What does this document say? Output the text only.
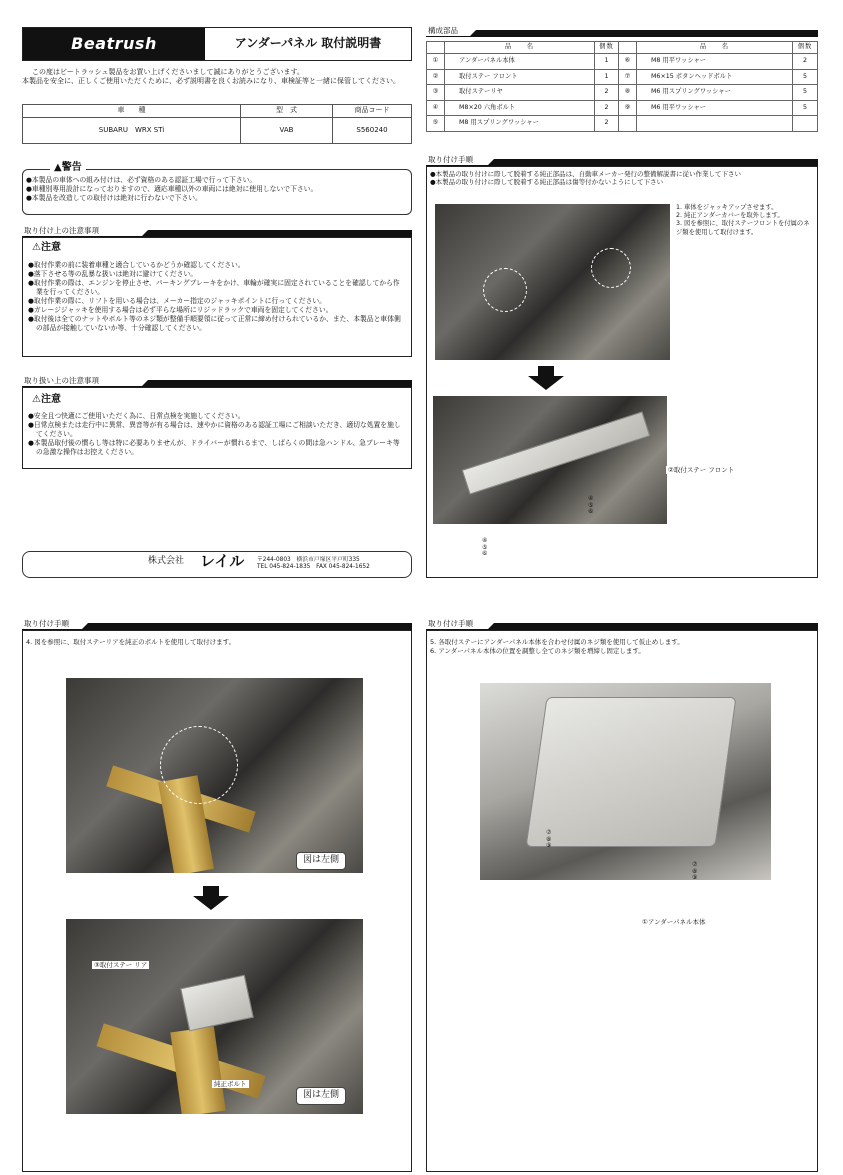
Beatrush	アンダーパネル 取付説明書
この度はビートラッシュ製品をお買い上げくださいまして誠にありがとうございます。
本製品を安全に、正しくご使用いただくために、必ず説明書を良くお読みになり、車検証等と一緒に保管してください。
車　　種	型　式	商品コード
SUBARU　WRX STi	VAB	S560240
▲警告
●本製品の車体への組み付けは、必ず資格のある認証工場で行って下さい。
●車種別専用設計になっておりますので、適応車種以外の車両には絶対に使用しないで下さい。
●本製品を改造しての取付けは絶対に行わないで下さい。
取り付け上の注意事項
⚠注意
●取付作業の前に装着車種と適合しているかどうか確認してください。
●落下させる等の乱暴な扱いは絶対に避けてください。
●取付作業の際は、エンジンを停止させ、パーキングブレーキをかけ、車輪が確実に固定されていることを確認してから作業を行ってください。
●取付作業の際に、リフトを用いる場合は、メーカー指定のジャッキポイントに行ってください。
●ガレージジャッキを使用する場合は必ず平らな場所にリジッドラックで車両を固定してください。
●取付後は全てのナットやボルト等のネジ類が整備手順要領に従って正常に締め付けられているか、また、本製品と車体側の部品が接触していないか等、十分確認してください。
取り扱い上の注意事項
⚠注意
●安全且つ快適にご使用いただく為に、日常点検を実施してください。
●日常点検または走行中に異常、異音等が有る場合は、速やかに資格のある認証工場にご相談いただき、適切な処置を施してください。
●本製品取付後の慣らし等は特に必要ありませんが、ドライバーが慣れるまで、しばらくの間は急ハンドル、急ブレーキ等の急激な操作はお控えください。
株式会社 レイル 〒244-0803　横浜市戸塚区平戸町335
TEL 045-824-1835　FAX 045-824-1652
構成部品
	品　　名	個数		品　　名	個数
①	アンダーパネル本体	1	⑥	M8 用平ワッシャー	2
②	取付ステー フロント	1	⑦	M6×15 ボタンヘッドボルト	5
③	取付ステーリヤ	2	⑧	M6 用スプリングワッシャー	5
④	M8×20 六角ボルト	2	⑨	M6 用平ワッシャー	5
⑤	M8 用スプリングワッシャー	2			
取り付け手順
●本製品の取り付けに際して脱着する純正部品は、自動車メーカー発行の整備解説書に従い作業して下さい
●本製品の取り付けに際して脱着する純正部品は傷等付かないようにして下さい
1. 車体をジャッキアップさせます。
2. 純正アンダーカバーを取外します。
3. 図を参照に、取付ステーフロントを付属のネジ類を使用して取付けます。
②取付ステー フロント
④
⑤
⑥
④
⑤
⑥
取り付け手順
4. 図を参照に、取付ステーリアを純正のボルトを使用して取付けます。
図は左側
図は左側
③取付ステー リア
純正ボルト
取り付け手順
5. 各取付ステーにアンダーパネル本体を合わせ付属のネジ類を使用して仮止めします。
6. アンダーパネル本体の位置を調整し全てのネジ類を増締し固定します。
⑦
⑧
⑨
⑦
⑧
⑨
①アンダーパネル本体
